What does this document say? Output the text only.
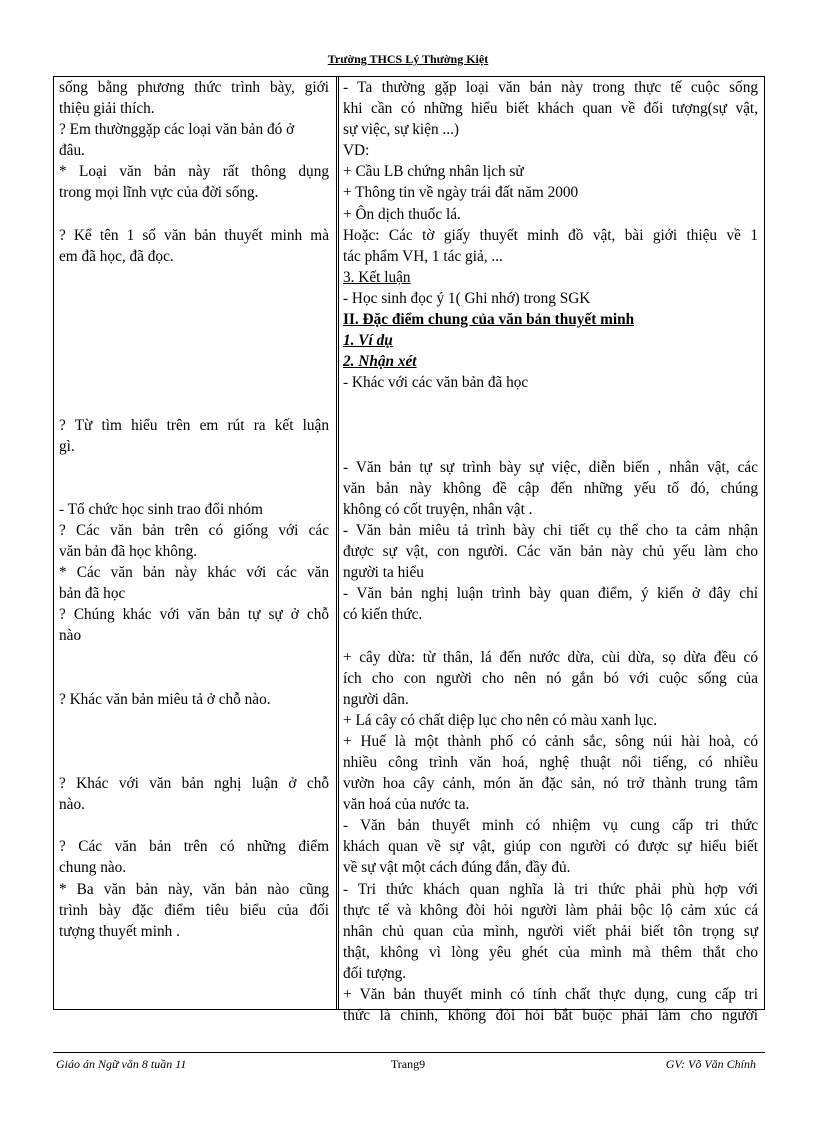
Trường THCS Lý Thường Kiệt
sống bằng phương thức trình bày, giới
thiệu giải thích.
? Em thườnggặp các loại văn bản đó ở
đâu.
* Loại văn bản này rất thông dụng
trong mọi lĩnh vực của đời sống.
? Kể tên 1 số văn bản thuyết minh mà
em đã học, đã đọc.
? Từ tìm hiểu trên em rút ra kết luận
gì.
- Tổ chức học sinh trao đổi nhóm
? Các văn bản trên có giống với các
văn bản đã học không.
* Các văn bản này khác với các văn
bản đã học
? Chúng khác với văn bản tự sự ở chỗ
nào
? Khác văn bản miêu tả ở chỗ nào.
? Khác với văn bản nghị luận ở chỗ
nào.
? Các văn bản trên có những điểm
chung nào.
* Ba văn bản này, văn bản nào cũng
trình bày đặc điểm tiêu biểu của đối
tượng thuyết minh .
- Ta thường gặp loại văn bản này trong thực tế cuộc sống
khi cần có những hiểu biết khách quan về đối tượng(sự vật,
sự việc, sự kiện ...)
VD:
+ Cầu LB chứng nhân lịch sử
+ Thông tin về ngày trái đất năm 2000
+ Ôn dịch thuốc lá.
Hoặc: Các tờ giấy thuyết minh đồ vật, bài giới thiệu về 1
tác phẩm VH, 1 tác giả, ...
3. Kết luận
- Học sinh đọc ý 1( Ghi nhớ) trong SGK
II. Đặc điểm chung của văn bản thuyết minh
1. Ví dụ
2. Nhận xét
- Khác với các văn bản đã học
- Văn bản tự sự trình bày sự việc, diễn biến , nhân vật, các
văn bản này không đề cập đến những yếu tố đó, chúng
không có cốt truyện, nhân vật .
- Văn bản miêu tả trình bày chi tiết cụ thể cho ta cảm nhận
được sự vật, con người. Các văn bản này chủ yếu làm cho
người ta hiểu
- Văn bản nghị luận trình bày quan điểm, ý kiến ở đây chỉ
có kiến thức.
+ cây dừa: từ thân, lá đến nước dừa, cùi dừa, sọ dừa đều có
ích cho con người cho nên nó gắn bó với cuộc sống của
người dân.
+ Lá cây có chất diệp lục cho nên có màu xanh lục.
+ Huế là một thành phố có cảnh sắc, sông núi hài hoà, có
nhiều công trình văn hoá, nghệ thuật nổi tiếng, có nhiều
vườn hoa cây cảnh, món ăn đặc sản, nó trở thành trung tâm
văn hoá của nước ta.
- Văn bản thuyết minh có nhiệm vụ cung cấp tri thức
khách quan về sự vật, giúp con người có được sự hiểu biết
về sự vật một cách đúng đắn, đầy đủ.
- Tri thức khách quan nghĩa là tri thức phải phù hợp với
thực tế và không đòi hỏi người làm phải bộc lộ cảm xúc cá
nhân chủ quan của mình, người viết phải biết tôn trọng sự
thật, không vì lòng yêu ghét của mình mà thêm thắt cho
đối tượng.
+ Văn bản thuyết minh có tính chất thực dụng, cung cấp tri
thức là chính, không đòi hỏi bắt buộc phải làm cho người
Giáo án Ngữ văn 8 tuần 11	Trang9	GV: Võ Văn Chính
